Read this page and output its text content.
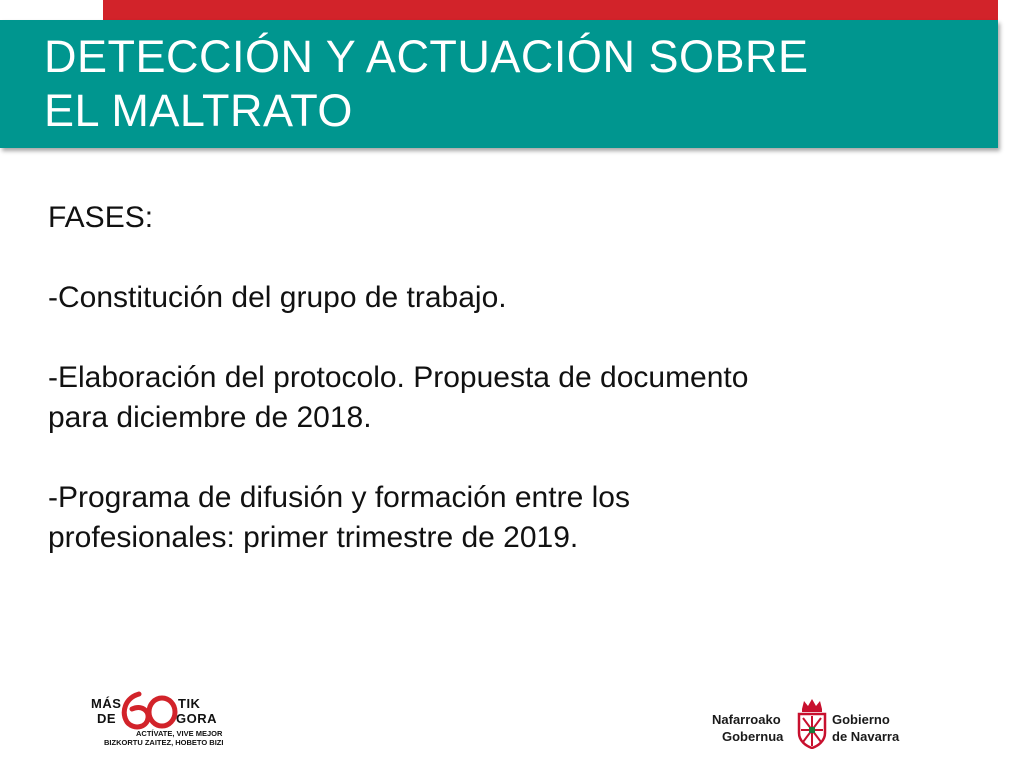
DETECCIÓN Y ACTUACIÓN SOBRE
EL MALTRATO

FASES:

-Constitución del grupo de trabajo.

-Elaboración del protocolo. Propuesta de documento

para diciembre de 2018.

-Programa de difusión y formación entre los

profesionales: primer trimestre de 2019.

MÁS
DE
TIK
GORA
ACTÍVATE, VIVE MEJOR
BIZKORTU ZAITEZ, HOBETO BIZI
Nafarroako
Gobernua
Gobierno
de Navarra
